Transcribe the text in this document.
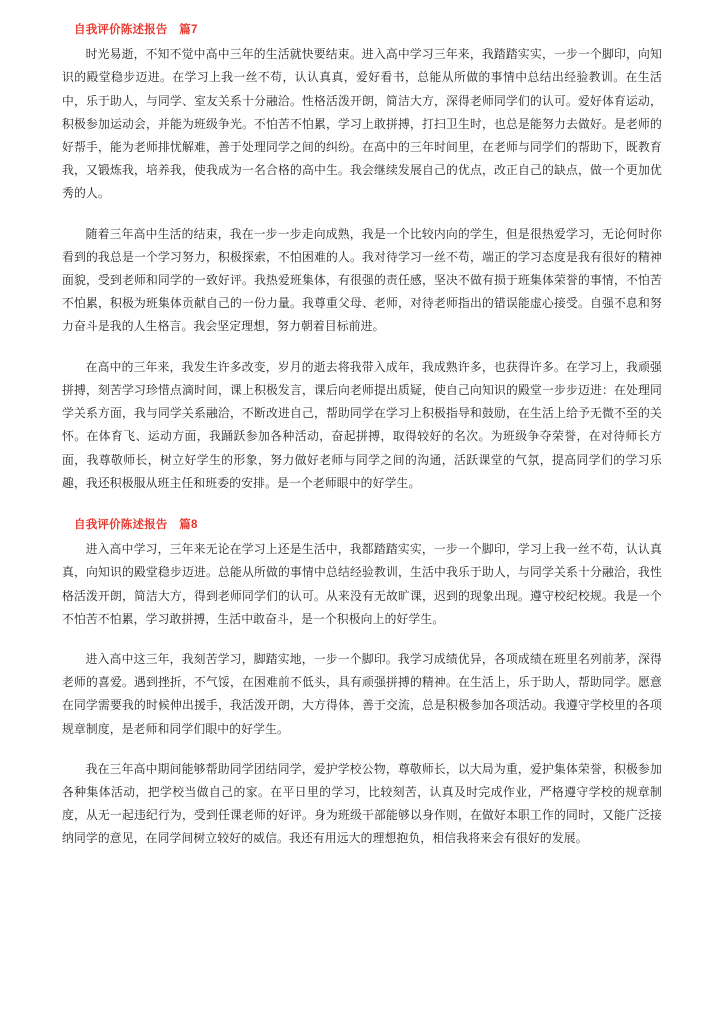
自我评价陈述报告　篇7

时光易逝，不知不觉中高中三年的生活就快要结束。进入高中学习三年来，我踏踏实实，一步一个脚印，向知识的殿堂稳步迈进。在学习上我一丝不苟，认认真真，爱好看书，总能从所做的事情中总结出经验教训。在生活中，乐于助人，与同学、室友关系十分融洽。性格活泼开朗，简洁大方，深得老师同学们的认可。爱好体育运动，积极参加运动会，并能为班级争光。不怕苦不怕累，学习上敢拼搏，打扫卫生时，也总是能努力去做好。是老师的好帮手，能为老师排忧解难，善于处理同学之间的纠纷。在高中的三年时间里，在老师与同学们的帮助下，既教育我，又锻炼我，培养我，使我成为一名合格的高中生。我会继续发展自己的优点，改正自己的缺点，做一个更加优秀的人。

随着三年高中生活的结束，我在一步一步走向成熟，我是一个比较内向的学生，但是很热爱学习，无论何时你看到的我总是一个学习努力，积极探索，不怕困难的人。我对待学习一丝不苟，端正的学习态度是我有很好的精神面貌，受到老师和同学的一致好评。我热爱班集体，有很强的责任感，坚决不做有损于班集体荣誉的事情，不怕苦不怕累，积极为班集体贡献自己的一份力量。我尊重父母、老师，对待老师指出的错误能虚心接受。自强不息和努力奋斗是我的人生格言。我会坚定理想，努力朝着目标前进。

在高中的三年来，我发生许多改变，岁月的逝去将我带入成年，我成熟许多，也获得许多。在学习上，我顽强拼搏，刻苦学习珍惜点滴时间，课上积极发言，课后向老师提出质疑，使自己向知识的殿堂一步步迈进：在处理同学关系方面，我与同学关系融洽，不断改进自己，帮助同学在学习上积极指导和鼓励，在生活上给予无微不至的关怀。在体育飞、运动方面，我踊跃参加各种活动，奋起拼搏，取得较好的名次。为班级争夺荣誉，在对待师长方面，我尊敬师长，树立好学生的形象，努力做好老师与同学之间的沟通，活跃课堂的气氛，提高同学们的学习乐趣，我还积极服从班主任和班委的安排。是一个老师眼中的好学生。

自我评价陈述报告　篇8

进入高中学习，三年来无论在学习上还是生活中，我都踏踏实实，一步一个脚印，学习上我一丝不苟，认认真真，向知识的殿堂稳步迈进。总能从所做的事情中总结经验教训，生活中我乐于助人，与同学关系十分融洽，我性格活泼开朗，简洁大方，得到老师同学们的认可。从来没有无故旷课，迟到的现象出现。遵守校纪校规。我是一个不怕苦不怕累，学习敢拼搏，生活中敢奋斗，是一个积极向上的好学生。

进入高中这三年，我刻苦学习，脚踏实地，一步一个脚印。我学习成绩优异，各项成绩在班里名列前茅，深得老师的喜爱。遇到挫折，不气馁，在困难前不低头，具有顽强拼搏的精神。在生活上，乐于助人，帮助同学。愿意在同学需要我的时候伸出援手，我活泼开朗，大方得体，善于交流，总是积极参加各项活动。我遵守学校里的各项规章制度，是老师和同学们眼中的好学生。

我在三年高中期间能够帮助同学团结同学，爱护学校公物，尊敬师长，以大局为重，爱护集体荣誉，积极参加各种集体活动，把学校当做自己的家。在平日里的学习，比较刻苦，认真及时完成作业，严格遵守学校的规章制度，从无一起违纪行为，受到任课老师的好评。身为班级干部能够以身作则，在做好本职工作的同时，又能广泛接纳同学的意见，在同学间树立较好的威信。我还有用远大的理想抱负，相信我将来会有很好的发展。
